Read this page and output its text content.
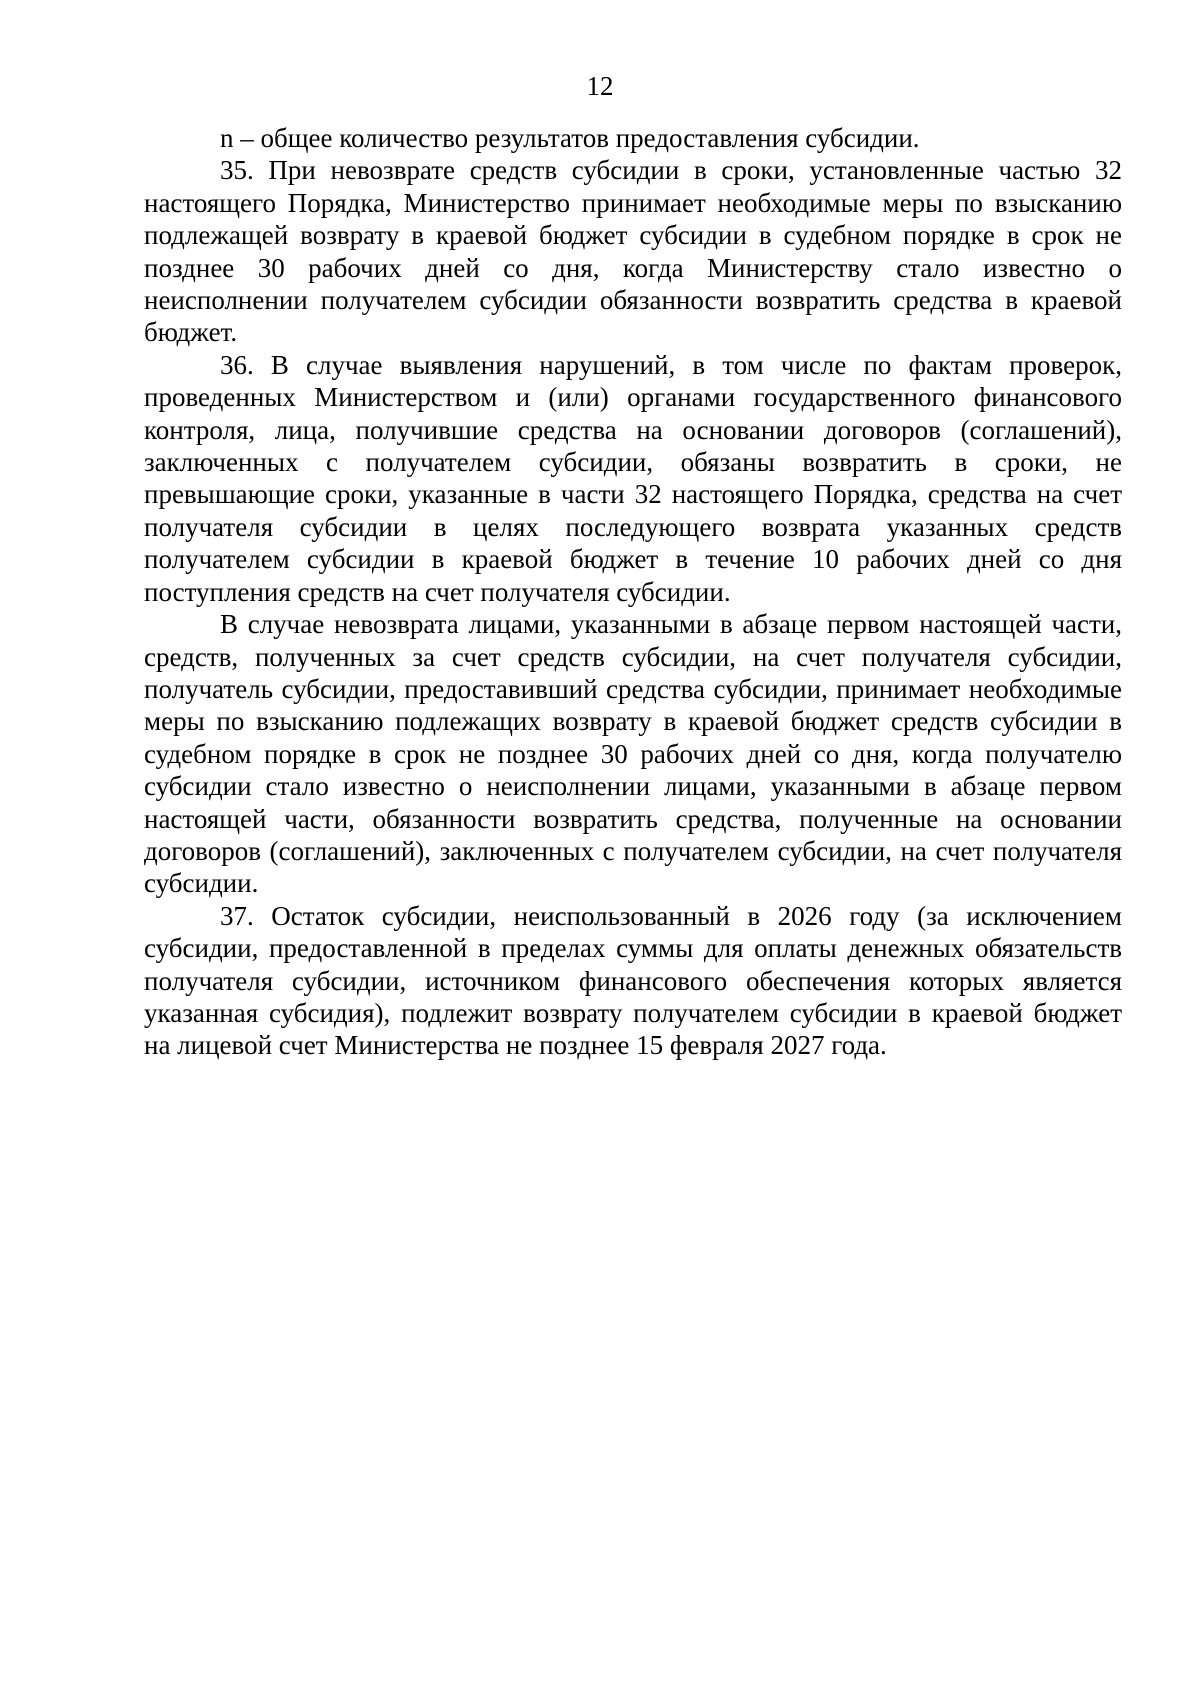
12

n – общее количество результатов предоставления субсидии.

35. При невозврате средств субсидии в сроки, установленные частью 32 настоящего Порядка, Министерство принимает необходимые меры по взысканию подлежащей возврату в краевой бюджет субсидии в судебном порядке в срок не позднее 30 рабочих дней со дня, когда Министерству стало известно о неисполнении получателем субсидии обязанности возвратить средства в краевой бюджет.

36. В случае выявления нарушений, в том числе по фактам проверок, проведенных Министерством и (или) органами государственного финансового контроля, лица, получившие средства на основании договоров (соглашений), заключенных с получателем субсидии, обязаны возвратить в сроки, не превышающие сроки, указанные в части 32 настоящего Порядка, средства на счет получателя субсидии в целях последующего возврата указанных средств получателем субсидии в краевой бюджет в течение 10 рабочих дней со дня поступления средств на счет получателя субсидии.

В случае невозврата лицами, указанными в абзаце первом настоящей части, средств, полученных за счет средств субсидии, на счет получателя субсидии, получатель субсидии, предоставивший средства субсидии, принимает необходимые меры по взысканию подлежащих возврату в краевой бюджет средств субсидии в судебном порядке в срок не позднее 30 рабочих дней со дня, когда получателю субсидии стало известно о неисполнении лицами, указанными в абзаце первом настоящей части, обязанности возвратить средства, полученные на основании договоров (соглашений), заключенных с получателем субсидии, на счет получателя субсидии.

37. Остаток субсидии, неиспользованный в 2026 году (за исключением субсидии, предоставленной в пределах суммы для оплаты денежных обязательств получателя субсидии, источником финансового обеспечения которых является указанная субсидия), подлежит возврату получателем субсидии в краевой бюджет на лицевой счет Министерства не позднее 15 февраля 2027 года.
